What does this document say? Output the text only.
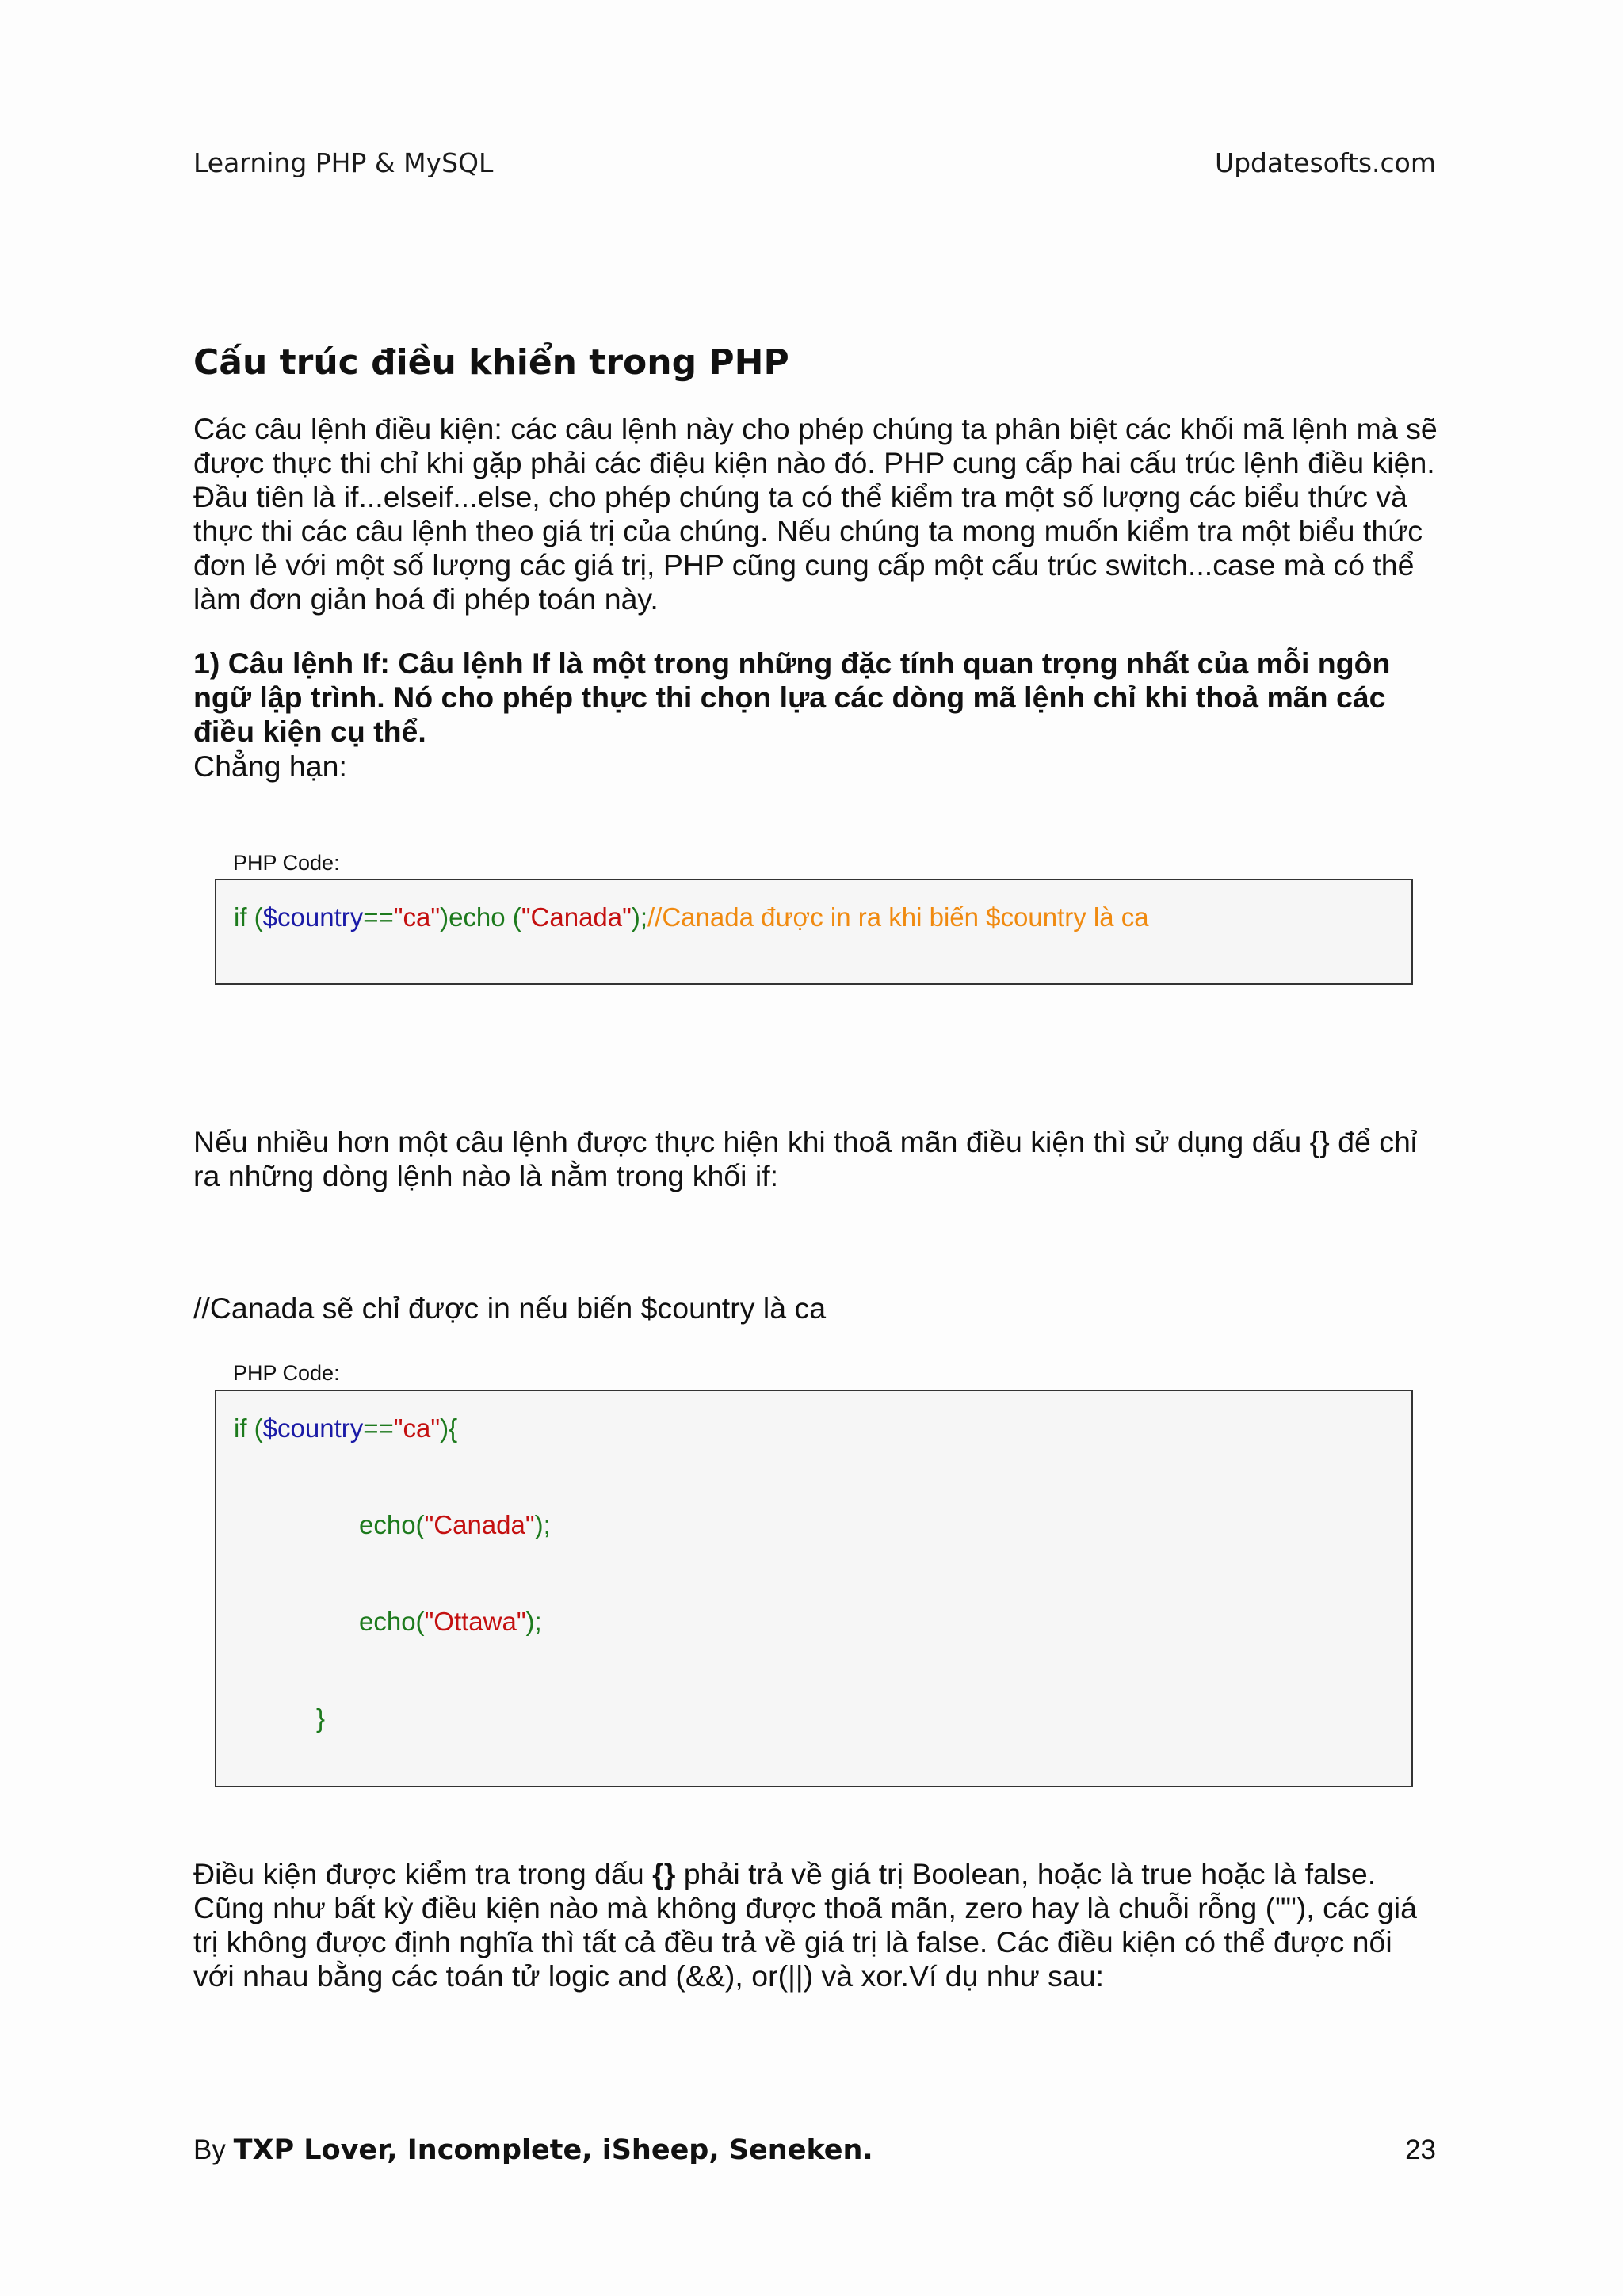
Learning PHP & MySQL	Updatesofts.com
Cấu trúc điều khiển trong PHP

Các câu lệnh điều kiện: các câu lệnh này cho phép chúng ta phân biệt các khối mã lệnh mà sẽ được thực thi chỉ khi gặp phải các điệu kiện nào đó. PHP cung cấp hai cấu trúc lệnh điều kiện. Đầu tiên là if...elseif...else, cho phép chúng ta có thể kiểm tra một số lượng các biểu thức và thực thi các câu lệnh theo giá trị của chúng. Nếu chúng ta mong muốn kiểm tra một biểu thức đơn lẻ với một số lượng các giá trị, PHP cũng cung cấp một cấu trúc switch...case mà có thể làm đơn giản hoá đi phép toán này.

1) Câu lệnh If: Câu lệnh If là một trong những đặc tính quan trọng nhất của mỗi ngôn ngữ lập trình. Nó cho phép thực thi chọn lựa các dòng mã lệnh chỉ khi thoả mãn các điều kiện cụ thể.

Chẳng hạn:

PHP Code:
if ($country=="ca")echo ("Canada");//Canada được in ra khi biến $country là ca

Nếu nhiều hơn một câu lệnh được thực hiện khi thoã mãn điều kiện thì sử dụng dấu {} để chỉ ra những dòng lệnh nào là nằm trong khối if:

//Canada sẽ chỉ được in nếu biến $country là ca

PHP Code:
if ($country=="ca"){
echo("Canada");
echo("Ottawa");
}

Điều kiện được kiểm tra trong dấu {} phải trả về giá trị Boolean, hoặc là true hoặc là false. Cũng như bất kỳ điều kiện nào mà không được thoã mãn, zero hay là chuỗi rỗng (""), các giá trị không được định nghĩa thì tất cả đều trả về giá trị là false. Các điều kiện có thể được nối với nhau bằng các toán tử logic and (&&), or(||) và xor.Ví dụ như sau:

By TXP Lover, Incomplete, iSheep, Seneken.	23
